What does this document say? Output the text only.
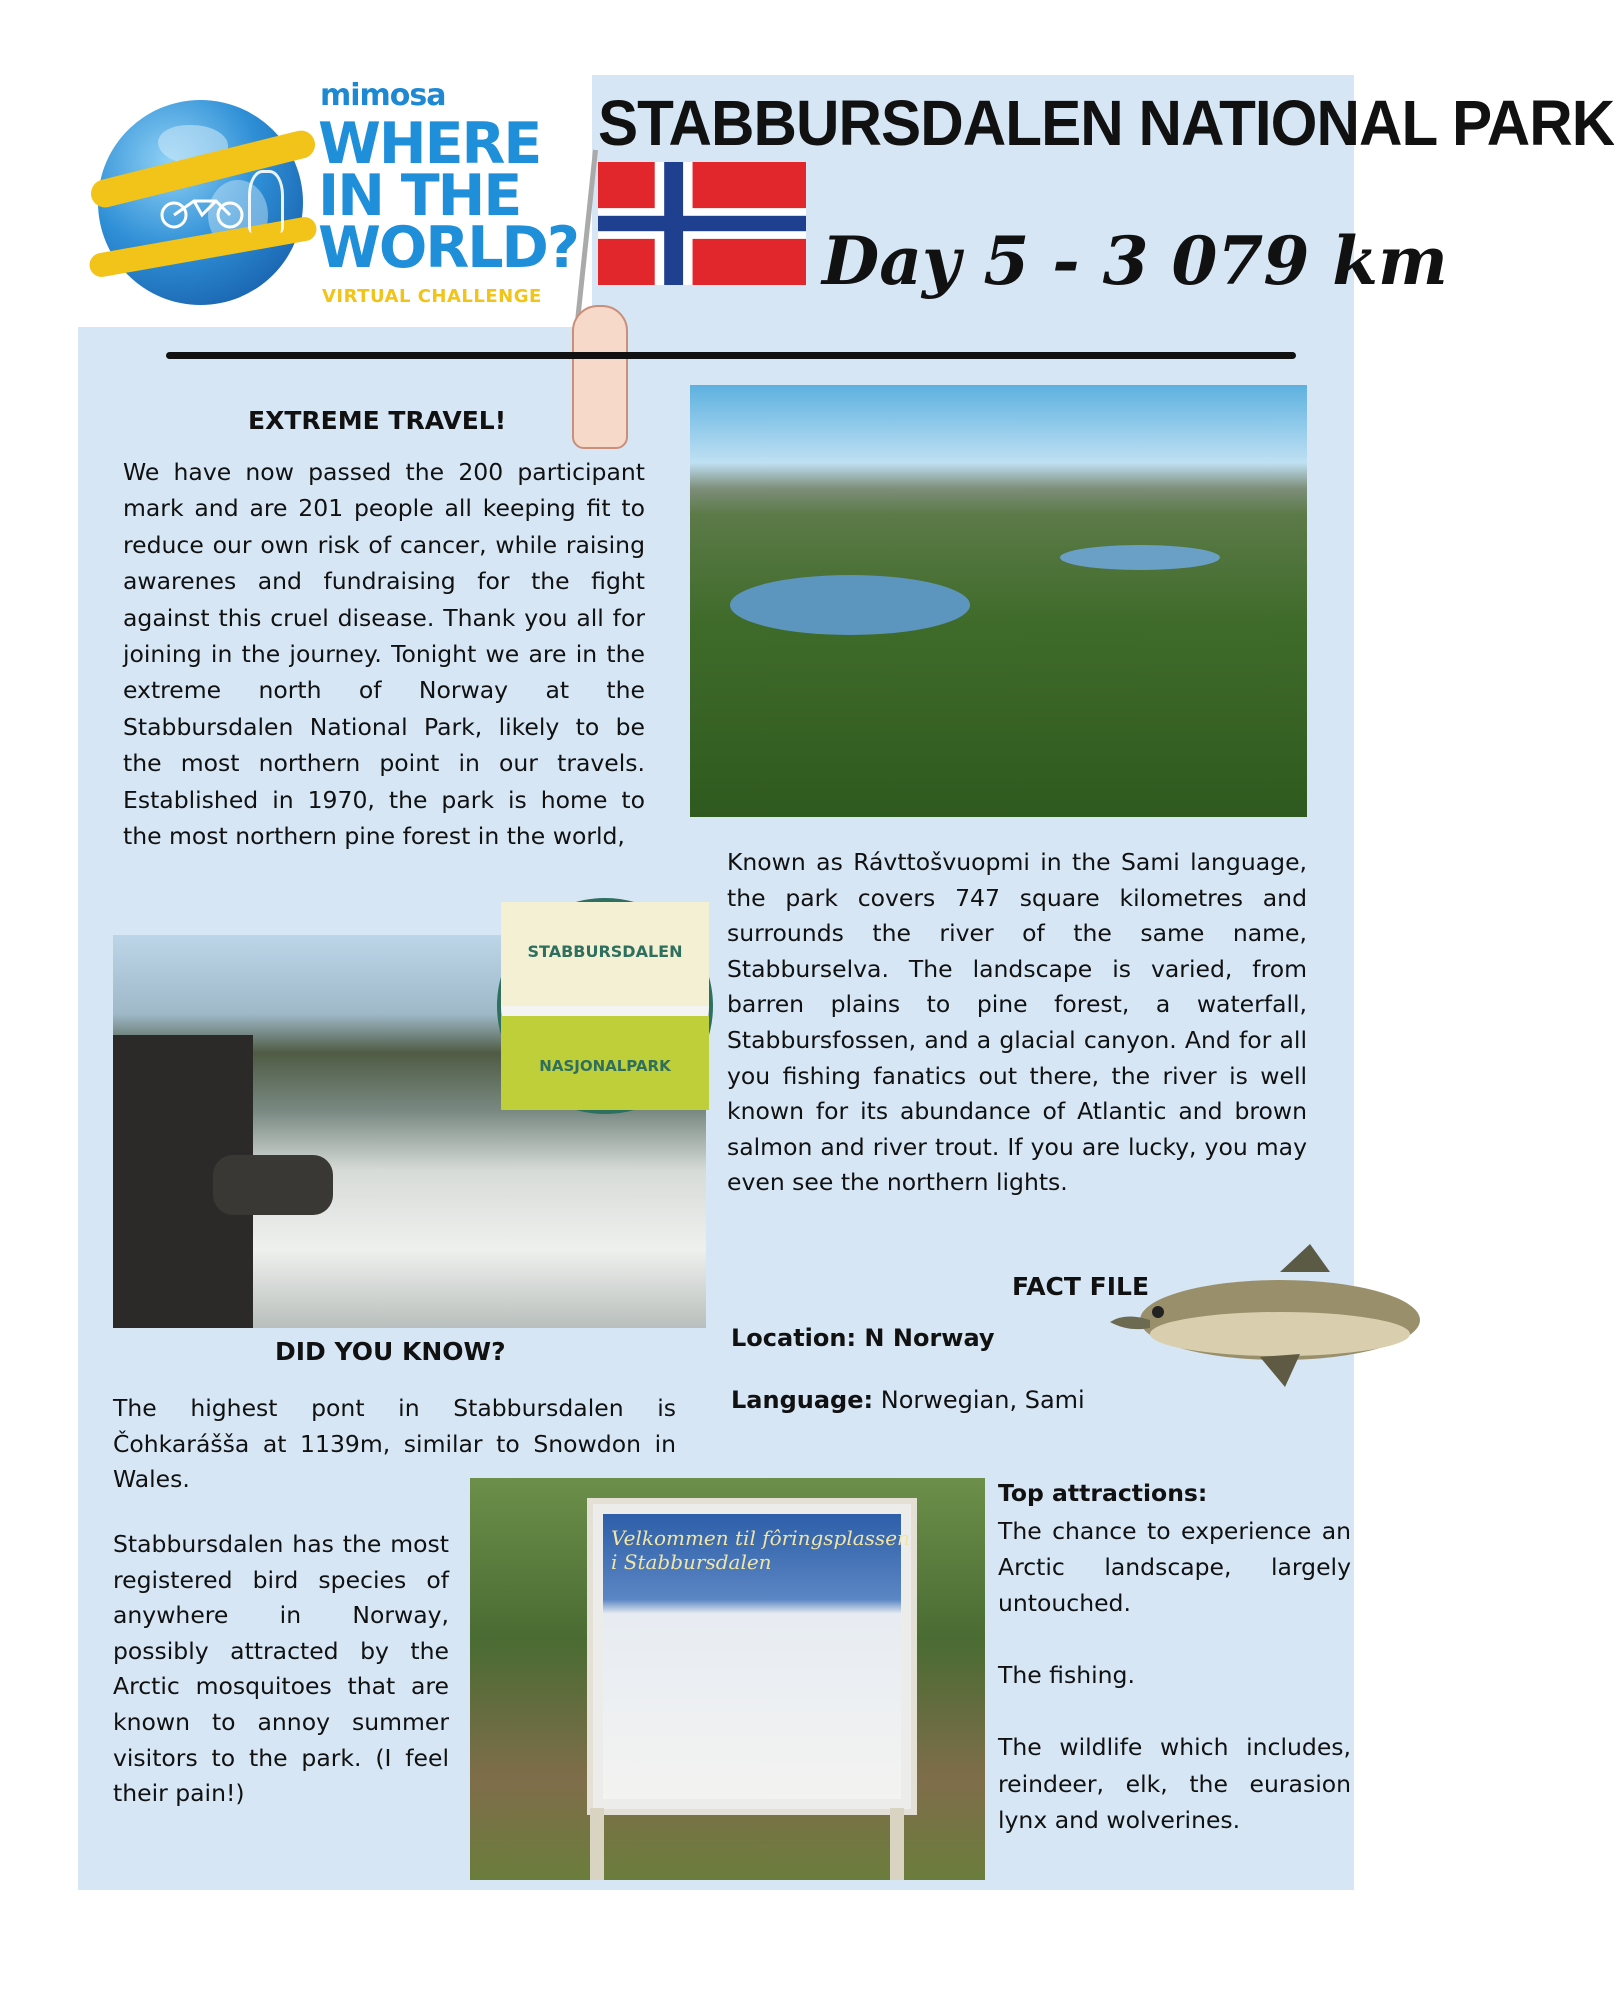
mimosa
WHERE
IN THE
WORLD?
VIRTUAL CHALLENGE
STABBURSDALEN NATIONAL PARK
Day 5 - 3 079 km
EXTREME TRAVEL!
We have now passed the 200 participant mark and are 201 people all keeping fit to reduce our own risk of cancer, while raising awarenes and fundraising for the fight against this cruel disease. Thank you all for joining in the journey. Tonight we are in the extreme north of Norway at the Stabbursdalen National Park, likely to be the most northern point in our travels. Established in 1970, the park is home to the most northern pine forest in the world,
STABBURSDALEN
NASJONALPARK
Known as Rávttošvuopmi in the Sami language, the park covers 747 square kilometres and surrounds the river of the same name, Stabburselva. The landscape is varied, from barren plains to pine forest, a waterfall, Stabbursfossen, and a glacial canyon. And for all you fishing fanatics out there, the river is well known for its abundance of Atlantic and brown salmon and river trout. If you are lucky, you may even see the northern lights.
DID YOU KNOW?
The highest pont in Stabbursdalen is Čohkarášša at 1139m, similar to Snowdon in Wales.
Stabbursdalen has the most registered bird species of anywhere in Norway, possibly attracted by the Arctic mosquitoes that are known to annoy summer visitors to the park. (I feel their pain!)
FACT FILE
Location: N Norway
Language: Norwegian, Sami
Velkommen til fôringsplassen i Stabbursdalen
Top attractions:
The chance to experience an Arctic landscape, largely untouched.
The fishing.
The wildlife which includes, reindeer, elk, the eurasion lynx and wolverines.
